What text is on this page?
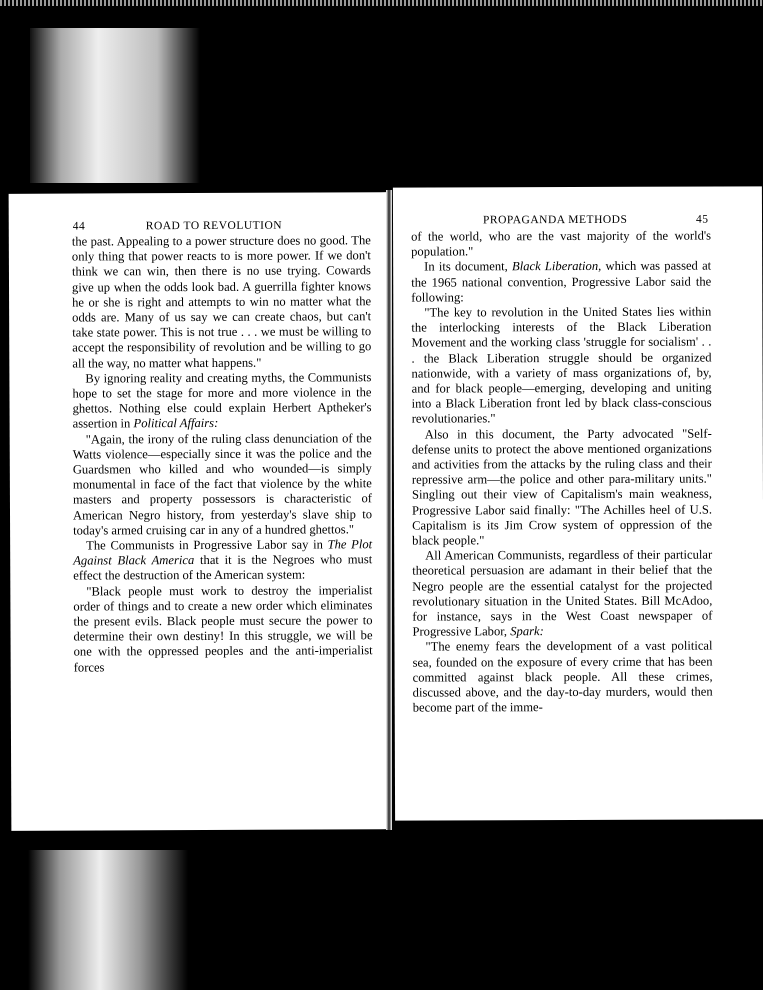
44	ROAD TO REVOLUTION

the past. Appealing to a power structure does no good. The only thing that power reacts to is more power. If we don't think we can win, then there is no use trying. Cowards give up when the odds look bad. A guerrilla fighter knows he or she is right and attempts to win no matter what the odds are. Many of us say we can create chaos, but can't take state power. This is not true . . . we must be willing to accept the responsibility of revolution and be willing to go all the way, no matter what happens."

By ignoring reality and creating myths, the Communists hope to set the stage for more and more violence in the ghettos. Nothing else could explain Herbert Aptheker's assertion in Political Affairs:

"Again, the irony of the ruling class denunciation of the Watts violence—especially since it was the police and the Guardsmen who killed and who wounded—is simply monumental in face of the fact that violence by the white masters and property possessors is characteristic of American Negro history, from yesterday's slave ship to today's armed cruising car in any of a hundred ghettos."

The Communists in Progressive Labor say in The Plot Against Black America that it is the Negroes who must effect the destruction of the American system:

"Black people must work to destroy the imperialist order of things and to create a new order which eliminates the present evils. Black people must secure the power to determine their own destiny! In this struggle, we will be one with the oppressed peoples and the anti-imperialist forces

PROPAGANDA METHODS	45

of the world, who are the vast majority of the world's population."

In its document, Black Liberation, which was passed at the 1965 national convention, Progressive Labor said the following:

"The key to revolution in the United States lies within the interlocking interests of the Black Liberation Movement and the working class 'struggle for socialism' . . . the Black Liberation struggle should be organized nationwide, with a variety of mass organizations of, by, and for black people—emerging, developing and uniting into a Black Liberation front led by black class-conscious revolutionaries."

Also in this document, the Party advocated "Self-defense units to protect the above mentioned organizations and activities from the attacks by the ruling class and their repressive arm—the police and other para-military units." Singling out their view of Capitalism's main weakness, Progressive Labor said finally: "The Achilles heel of U.S. Capitalism is its Jim Crow system of oppression of the black people."

All American Communists, regardless of their particular theoretical persuasion are adamant in their belief that the Negro people are the essential catalyst for the projected revolutionary situation in the United States. Bill McAdoo, for instance, says in the West Coast newspaper of Progressive Labor, Spark:

"The enemy fears the development of a vast political sea, founded on the exposure of every crime that has been committed against black people. All these crimes, discussed above, and the day-to-day murders, would then become part of the imme-
